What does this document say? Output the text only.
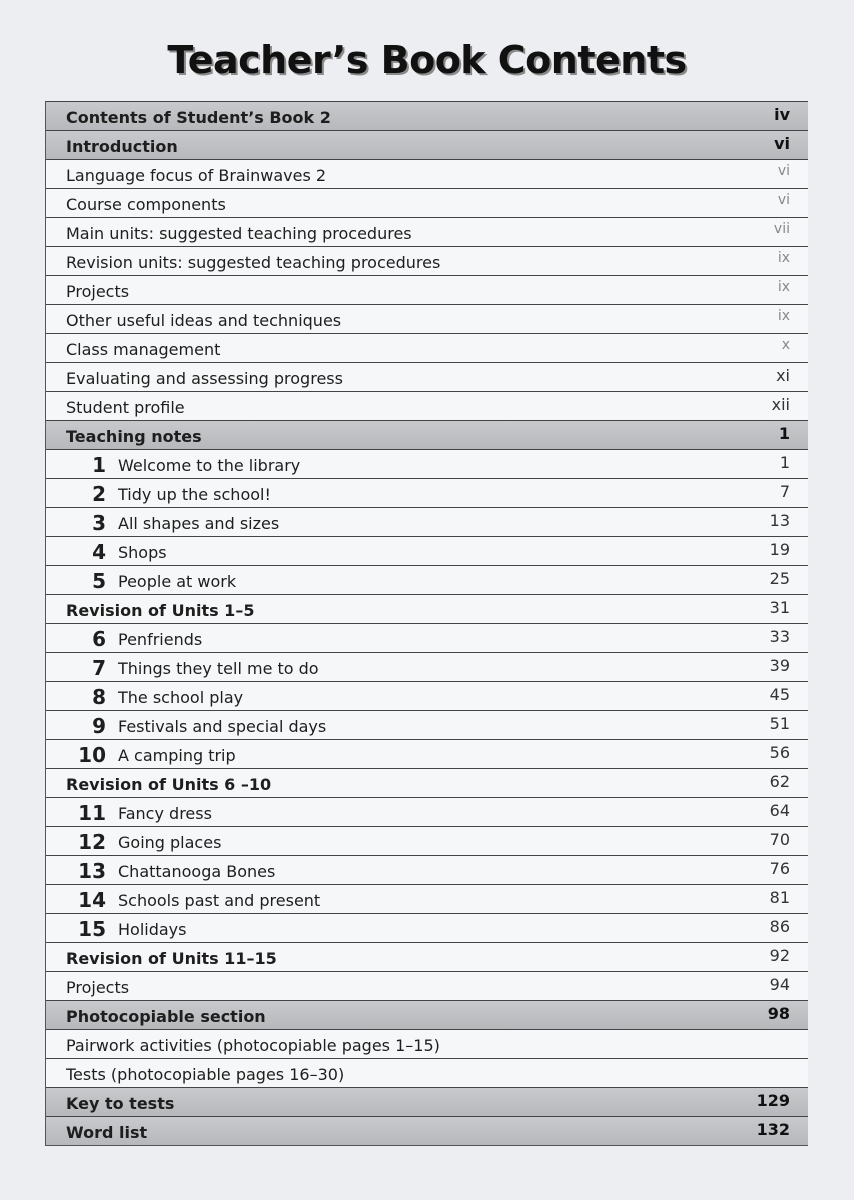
Teacher’s Book Contents
Contents of Student’s Book 2	iv
Introduction	vi
Language focus of Brainwaves 2	vi
Course components	vi
Main units: suggested teaching procedures	vii
Revision units: suggested teaching procedures	ix
Projects	ix
Other useful ideas and techniques	ix
Class management	x
Evaluating and assessing progress	xi
Student profile	xii
Teaching notes	1
1 Welcome to the library	1
2 Tidy up the school!	7
3 All shapes and sizes	13
4 Shops	19
5 People at work	25
Revision of Units 1–5	31
6 Penfriends	33
7 Things they tell me to do	39
8 The school play	45
9 Festivals and special days	51
10 A camping trip	56
Revision of Units 6 –10	62
11 Fancy dress	64
12 Going places	70
13 Chattanooga Bones	76
14 Schools past and present	81
15 Holidays	86
Revision of Units 11–15	92
Projects	94
Photocopiable section	98
Pairwork activities (photocopiable pages 1–15)
Tests (photocopiable pages 16–30)
Key to tests	129
Word list	132
